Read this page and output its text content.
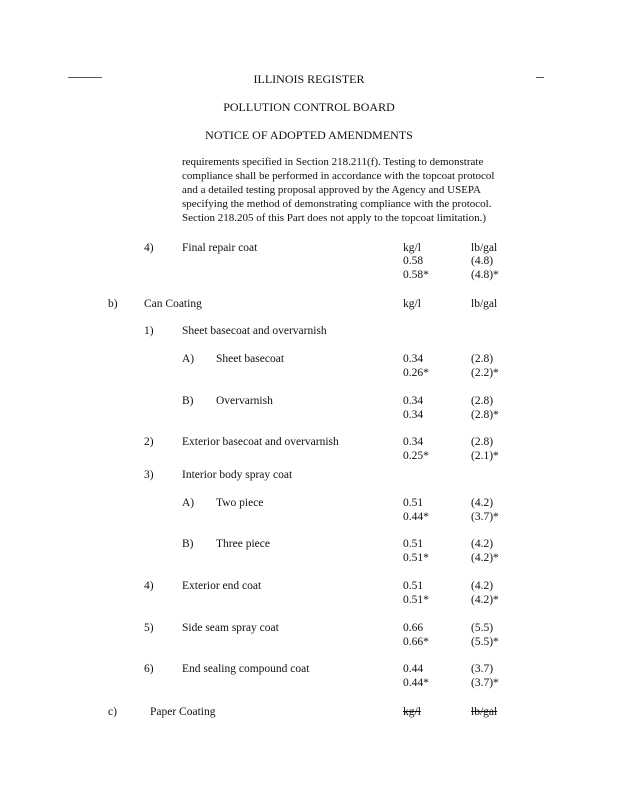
ILLINOIS REGISTER
POLLUTION CONTROL BOARD
NOTICE OF ADOPTED AMENDMENTS
requirements specified in Section 218.211(f). Testing to demonstrate
compliance shall be performed in accordance with the topcoat protocol
and a detailed testing proposal approved by the Agency and USEPA
specifying the method of demonstrating compliance with the protocol.
Section 218.205 of this Part does not apply to the topcoat limitation.)
4) Final repair coat	kg/l	lb/gal
0.58	(4.8)
0.58*	(4.8)*
b) Can Coating	kg/l	lb/gal
1) Sheet basecoat and overvarnish
A) Sheet basecoat	0.34	(2.8)
0.26*	(2.2)*
B) Overvarnish	0.34	(2.8)
0.34	(2.8)*
2) Exterior basecoat and overvarnish	0.34	(2.8)
0.25*	(2.1)*
3) Interior body spray coat
A) Two piece	0.51	(4.2)
0.44*	(3.7)*
B) Three piece	0.51	(4.2)
0.51*	(4.2)*
4) Exterior end coat	0.51	(4.2)
0.51*	(4.2)*
5) Side seam spray coat	0.66	(5.5)
0.66*	(5.5)*
6) End sealing compound coat	0.44	(3.7)
0.44*	(3.7)*
c)	Paper Coating	kg/l	lb/gal
